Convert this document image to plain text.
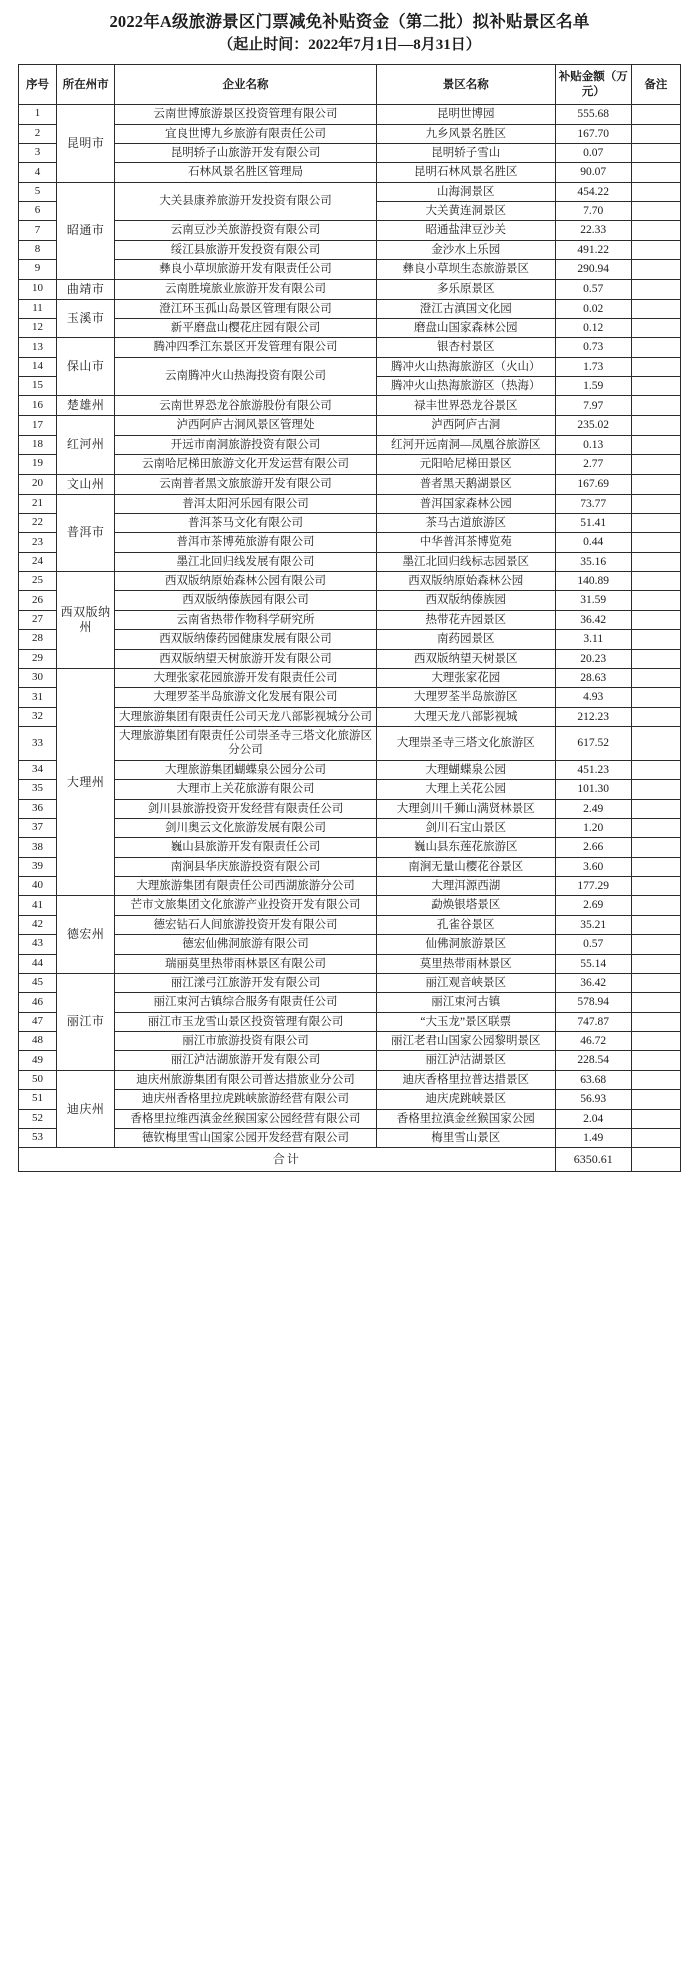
2022年A级旅游景区门票减免补贴资金（第二批）拟补贴景区名单
（起止时间：2022年7月1日—8月31日）
序号	所在州市	企业名称	景区名称	补贴金额（万元）	备注
1	昆明市	云南世博旅游景区投资管理有限公司	昆明世博园	555.68	
2		宜良世博九乡旅游有限责任公司	九乡风景名胜区	167.70	
3		昆明轿子山旅游开发有限公司	昆明轿子雪山	0.07	
4		石林风景名胜区管理局	昆明石林风景名胜区	90.07	
5	昭通市	大关县康养旅游开发投资有限公司	山海洞景区	454.22	
6			大关黄连洞景区	7.70	
7		云南豆沙关旅游投资有限公司	昭通盐津豆沙关	22.33	
8		绥江县旅游开发投资有限公司	金沙水上乐园	491.22	
9		彝良小草坝旅游开发有限责任公司	彝良小草坝生态旅游景区	290.94	
10	曲靖市	云南胜境旅业旅游开发有限公司	多乐原景区	0.57	
11	玉溪市	澄江环玉孤山岛景区管理有限公司	澄江古滇国文化园	0.02	
12		新平磨盘山樱花庄园有限公司	磨盘山国家森林公园	0.12	
13	保山市	腾冲四季江东景区开发管理有限公司	银杏村景区	0.73	
14		云南腾冲火山热海投资有限公司	腾冲火山热海旅游区（火山）	1.73	
15			腾冲火山热海旅游区（热海）	1.59	
16	楚雄州	云南世界恐龙谷旅游股份有限公司	禄丰世界恐龙谷景区	7.97	
17	红河州	泸西阿庐古洞风景区管理处	泸西阿庐古洞	235.02	
18		开远市南洞旅游投资有限公司	红河开远南洞—凤凰谷旅游区	0.13	
19		云南哈尼梯田旅游文化开发运营有限公司	元阳哈尼梯田景区	2.77	
20	文山州	云南普者黑文旅旅游开发有限公司	普者黑天鹅湖景区	167.69	
21	普洱市	普洱太阳河乐园有限公司	普洱国家森林公园	73.77	
22		普洱茶马文化有限公司	茶马古道旅游区	51.41	
23		普洱市茶博苑旅游有限公司	中华普洱茶博览苑	0.44	
24		墨江北回归线发展有限公司	墨江北回归线标志园景区	35.16	
25	西双版纳州	西双版纳原始森林公园有限公司	西双版纳原始森林公园	140.89	
26		西双版纳傣族园有限公司	西双版纳傣族园	31.59	
27		云南省热带作物科学研究所	热带花卉园景区	36.42	
28		西双版纳傣药园健康发展有限公司	南药园景区	3.11	
29		西双版纳望天树旅游开发有限公司	西双版纳望天树景区	20.23	
30	大理州	大理张家花园旅游开发有限责任公司	大理张家花园	28.63	
31		大理罗荃半岛旅游文化发展有限公司	大理罗荃半岛旅游区	4.93	
32		大理旅游集团有限责任公司天龙八部影视城分公司	大理天龙八部影视城	212.23	
33		大理旅游集团有限责任公司崇圣寺三塔文化旅游区分公司	大理崇圣寺三塔文化旅游区	617.52	
34		大理旅游集团蝴蝶泉公园分公司	大理蝴蝶泉公园	451.23	
35		大理市上关花旅游有限公司	大理上关花公园	101.30	
36		剑川县旅游投资开发经营有限责任公司	大理剑川千狮山满贤林景区	2.49	
37		剑川奥云文化旅游发展有限公司	剑川石宝山景区	1.20	
38		巍山县旅游开发有限责任公司	巍山县东莲花旅游区	2.66	
39		南涧县华庆旅游投资有限公司	南涧无量山樱花谷景区	3.60	
40		大理旅游集团有限责任公司西湖旅游分公司	大理洱源西湖	177.29	
41	德宏州	芒市文旅集团文化旅游产业投资开发有限公司	勐焕银塔景区	2.69	
42		德宏钻石人间旅游投资开发有限公司	孔雀谷景区	35.21	
43		德宏仙佛洞旅游有限公司	仙佛洞旅游景区	0.57	
44		瑞丽莫里热带雨林景区有限公司	莫里热带雨林景区	55.14	
45	丽江市	丽江漾弓江旅游开发有限公司	丽江观音峡景区	36.42	
46		丽江束河古镇综合服务有限责任公司	丽江束河古镇	578.94	
47		丽江市玉龙雪山景区投资管理有限公司	“大玉龙”景区联票	747.87	
48		丽江市旅游投资有限公司	丽江老君山国家公园黎明景区	46.72	
49		丽江泸沽湖旅游开发有限公司	丽江泸沽湖景区	228.54	
50	迪庆州	迪庆州旅游集团有限公司普达措旅业分公司	迪庆香格里拉普达措景区	63.68	
51		迪庆州香格里拉虎跳峡旅游经营有限公司	迪庆虎跳峡景区	56.93	
52		香格里拉维西滇金丝猴国家公园经营有限公司	香格里拉滇金丝猴国家公园	2.04	
53		德钦梅里雪山国家公园开发经营有限公司	梅里雪山景区	1.49	
合计				6350.61	
